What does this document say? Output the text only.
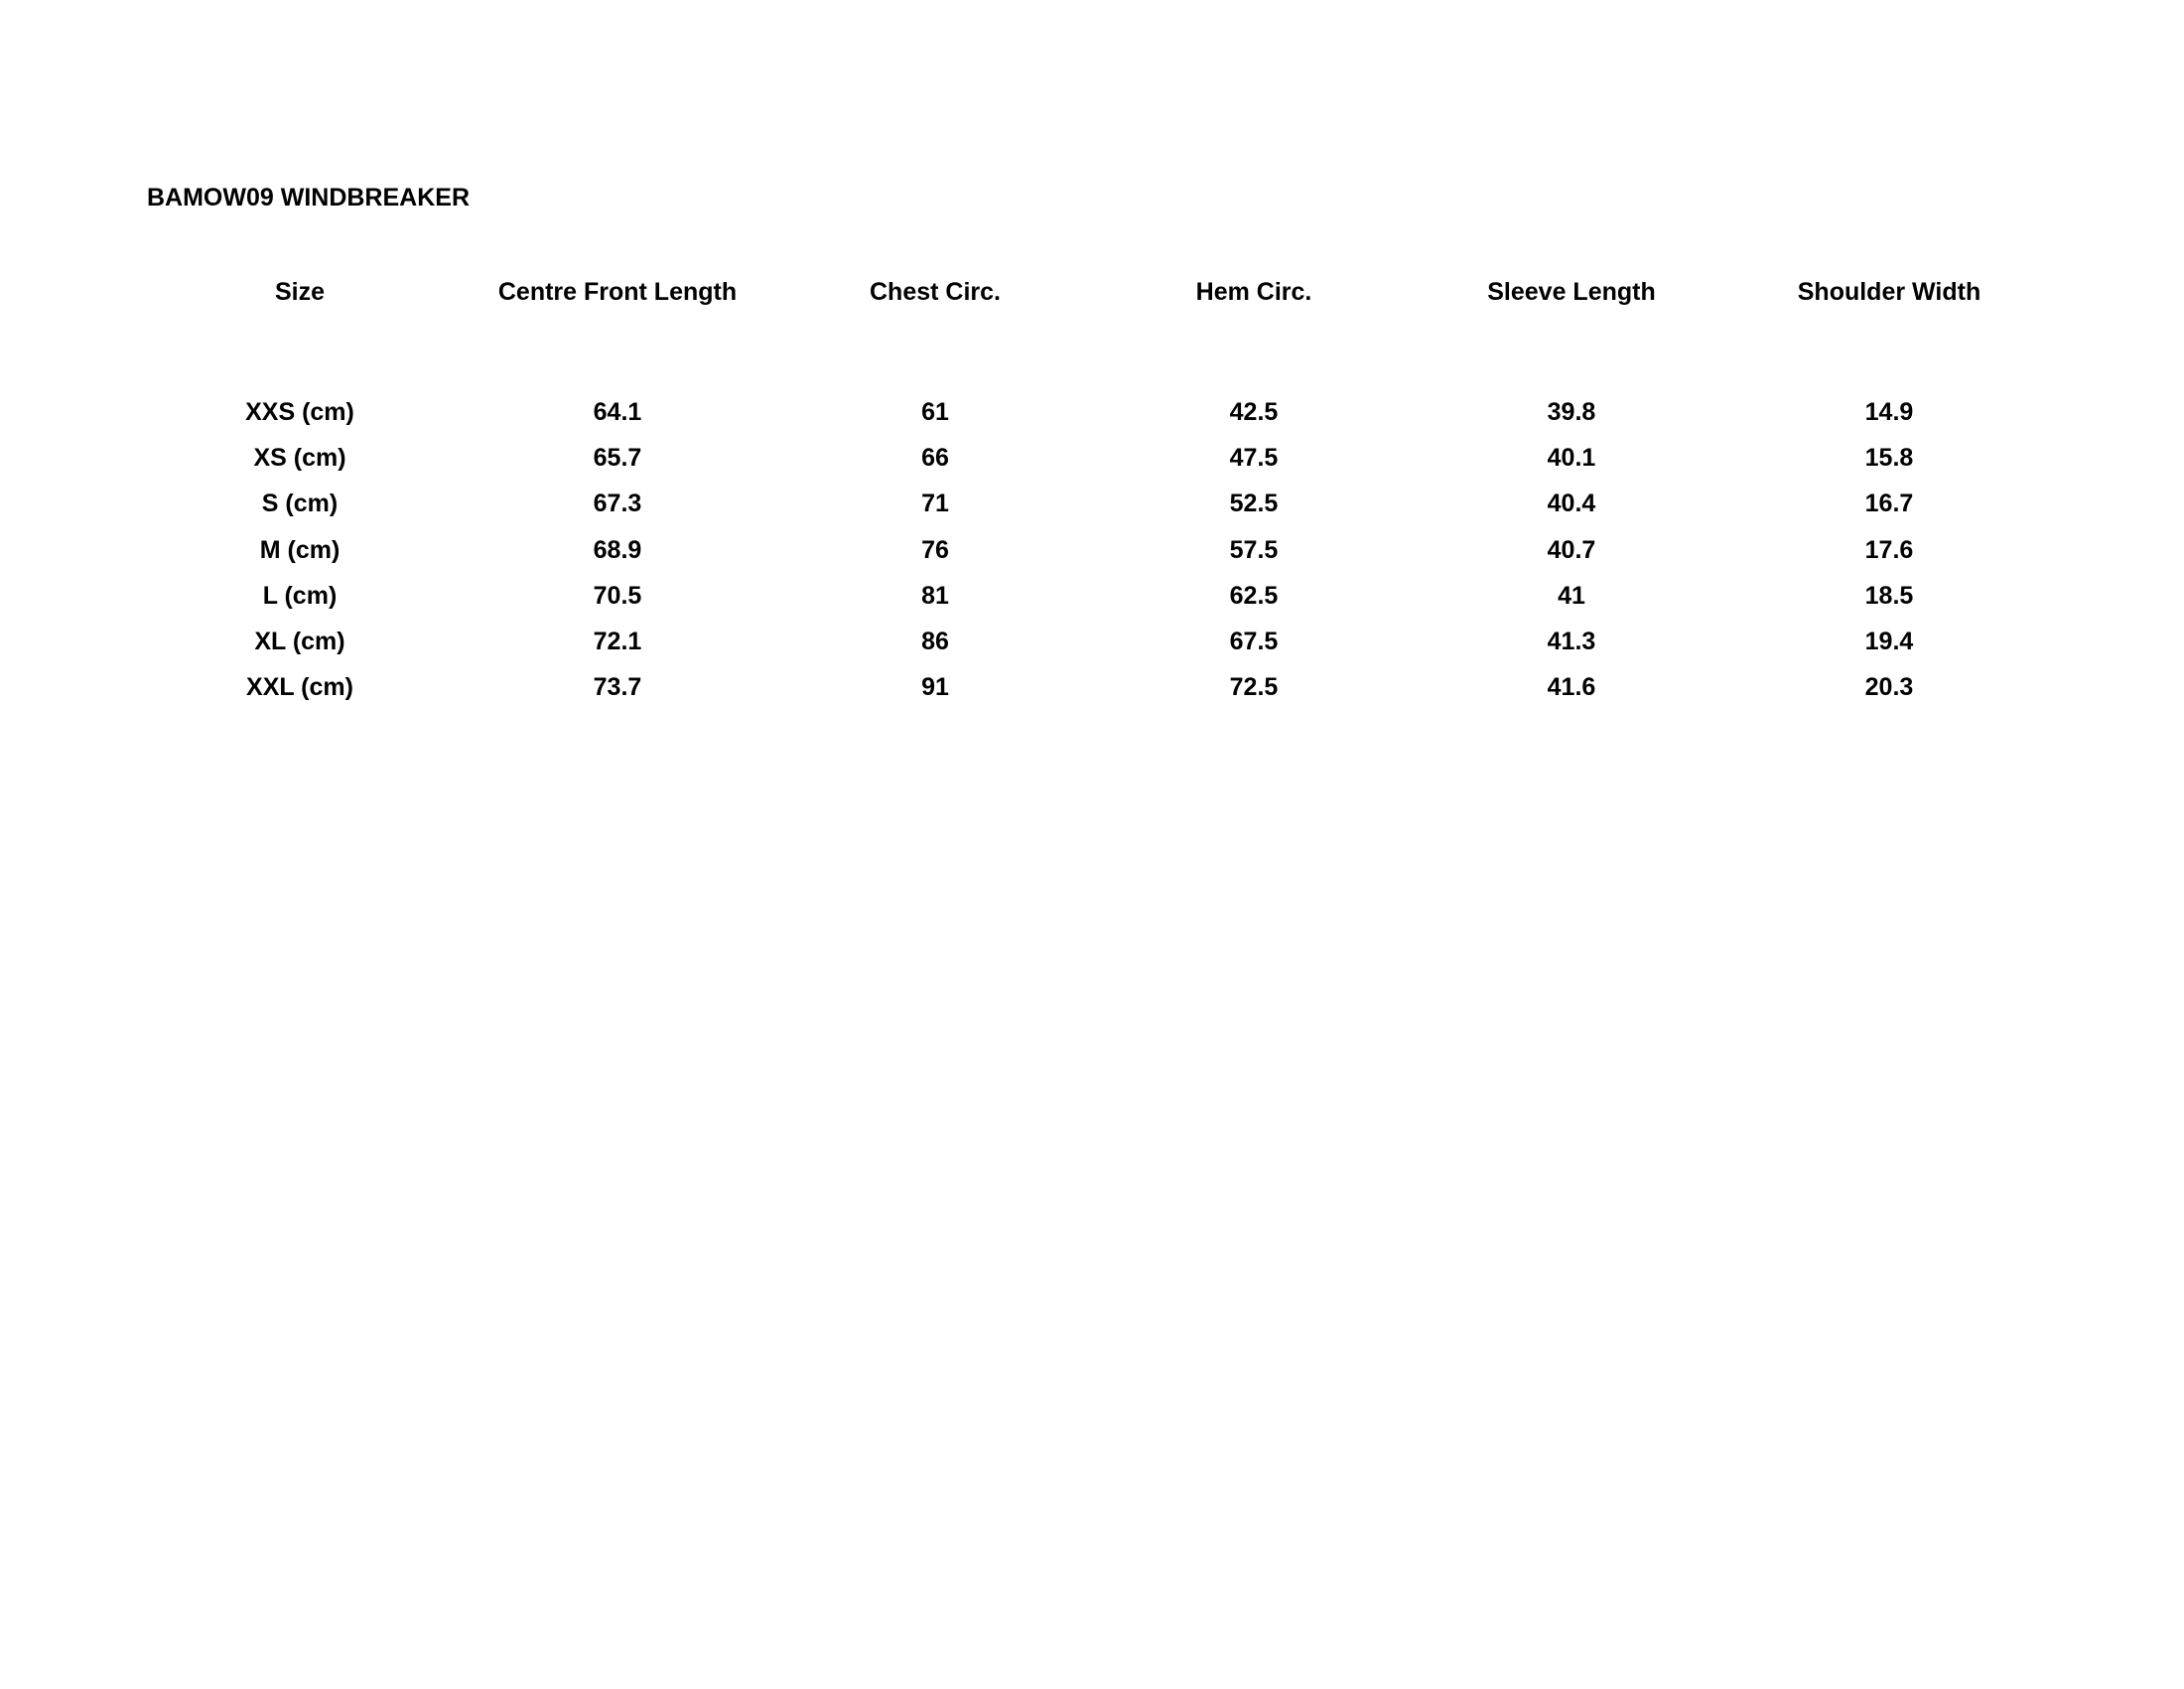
BAMOW09 WINDBREAKER
Size	Centre Front Length	Chest Circ.	Hem Circ.	Sleeve Length	Shoulder Width
XXS (cm)	64.1	61	42.5	39.8	14.9
XS (cm)	65.7	66	47.5	40.1	15.8
S (cm)	67.3	71	52.5	40.4	16.7
M (cm)	68.9	76	57.5	40.7	17.6
L (cm)	70.5	81	62.5	41	18.5
XL (cm)	72.1	86	67.5	41.3	19.4
XXL (cm)	73.7	91	72.5	41.6	20.3
